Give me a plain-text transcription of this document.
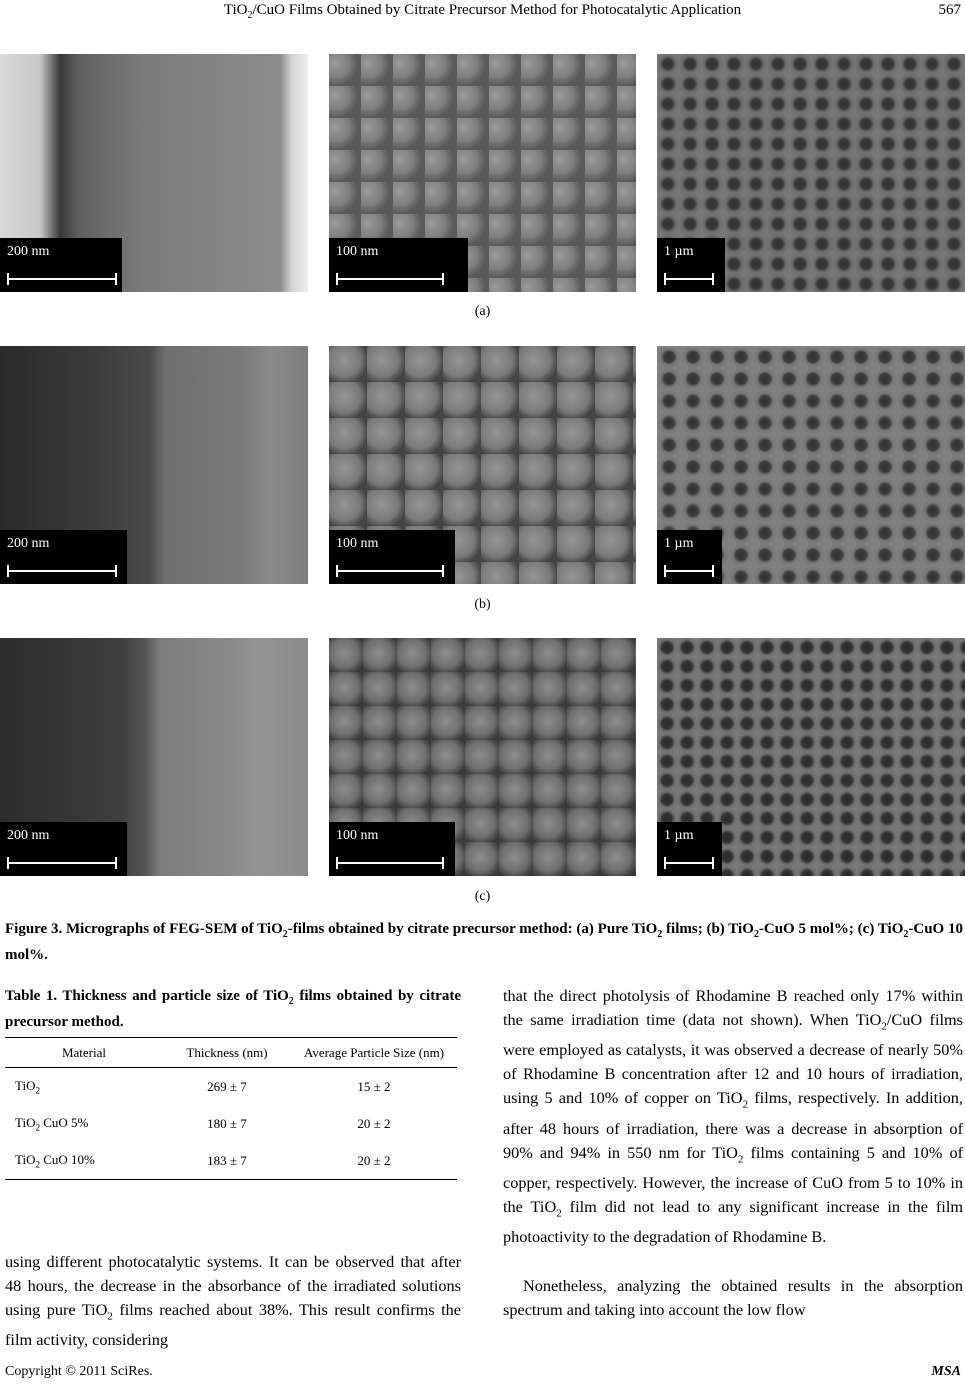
TiO$_2$/CuO Films Obtained by Citrate Precursor Method for Photocatalytic Application	567
200 nm	100 nm	1 µm
(a)
200 nm	100 nm	1 µm
(b)
200 nm	100 nm	1 µm
(c)
Figure 3. Micrographs of FEG-SEM of TiO$_2$-films obtained by citrate precursor method: (a) Pure TiO$_2$ films; (b) TiO$_2$-CuO 5 mol%; (c) TiO$_2$-CuO 10 mol%.
Table 1. Thickness and particle size of TiO$_2$ films obtained by citrate precursor method.
Material	Thickness (nm)	Average Particle Size (nm)
TiO$_2$	269 ± 7	15 ± 2
TiO$_2$ CuO 5%	180 ± 7	20 ± 2
TiO$_2$ CuO 10%	183 ± 7	20 ± 2

using different photocatalytic systems. It can be observed that after 48 hours, the decrease in the absorbance of the irradiated solutions using pure TiO$_2$ films reached about 38%. This result confirms the film activity, considering

that the direct photolysis of Rhodamine B reached only 17% within the same irradiation time (data not shown). When TiO$_2$/CuO films were employed as catalysts, it was observed a decrease of nearly 50% of Rhodamine B concentration after 12 and 10 hours of irradiation, using 5 and 10% of copper on TiO$_2$ films, respectively. In addition, after 48 hours of irradiation, there was a decrease in absorption of 90% and 94% in 550 nm for TiO$_2$ films containing 5 and 10% of copper, respectively. However, the increase of CuO from 5 to 10% in the TiO$_2$ film did not lead to any significant increase in the film photoactivity to the degradation of Rhodamine B.

Nonetheless, analyzing the obtained results in the absorption spectrum and taking into account the low flow

Copyright © 2011 SciRes.	MSA
